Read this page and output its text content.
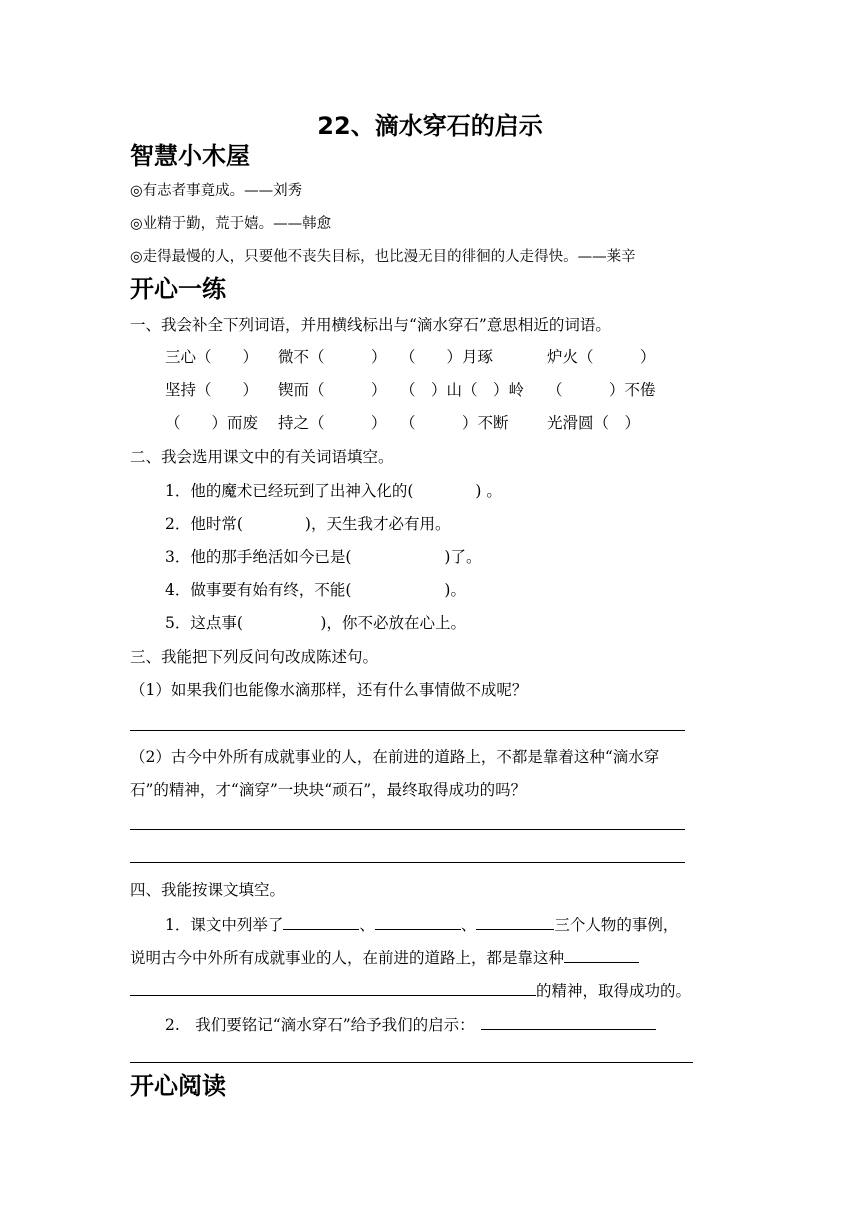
22、滴水穿石的启示
智慧小木屋
◎有志者事竟成。——刘秀
◎业精于勤，荒于嬉。——韩愈
◎走得最慢的人，只要他不丧失目标，也比漫无目的徘徊的人走得快。——莱辛
开心一练
一、我会补全下列词语，并用横线标出与“滴水穿石”意思相近的词语。
三心（　　） 微不（　　　） （　　）月琢	炉火（　　　）
坚持（　　） 锲而（　　　） （　）山（　）岭 （　　　）不倦
（　　）而废 持之（　　　） （　　　）不断 光滑圆（　）
二、我会选用课文中的有关词语填空。
1．他的魔术已经玩到了出神入化的(　　　　) 。
2．他时常(　　　　)，天生我才必有用。
3．他的那手绝活如今已是(　　　　　　)了。
4．做事要有始有终，不能(　　　　　　)。
5．这点事(　　　　　)，你不必放在心上。
三、我能把下列反问句改成陈述句。
（1）如果我们也能像水滴那样，还有什么事情做不成呢？
（2）古今中外所有成就事业的人，在前进的道路上，不都是靠着这种“滴水穿
石”的精神，才“滴穿”一块块“顽石”，最终取得成功的吗？
四、我能按课文填空。
1．课文中列举了	、	、	三个人物的事例，
说明古今中外所有成就事业的人，在前进的道路上，都是靠这种
的精神，取得成功的。
2.　我们要铭记“滴水穿石”给予我们的启示：
开心阅读
